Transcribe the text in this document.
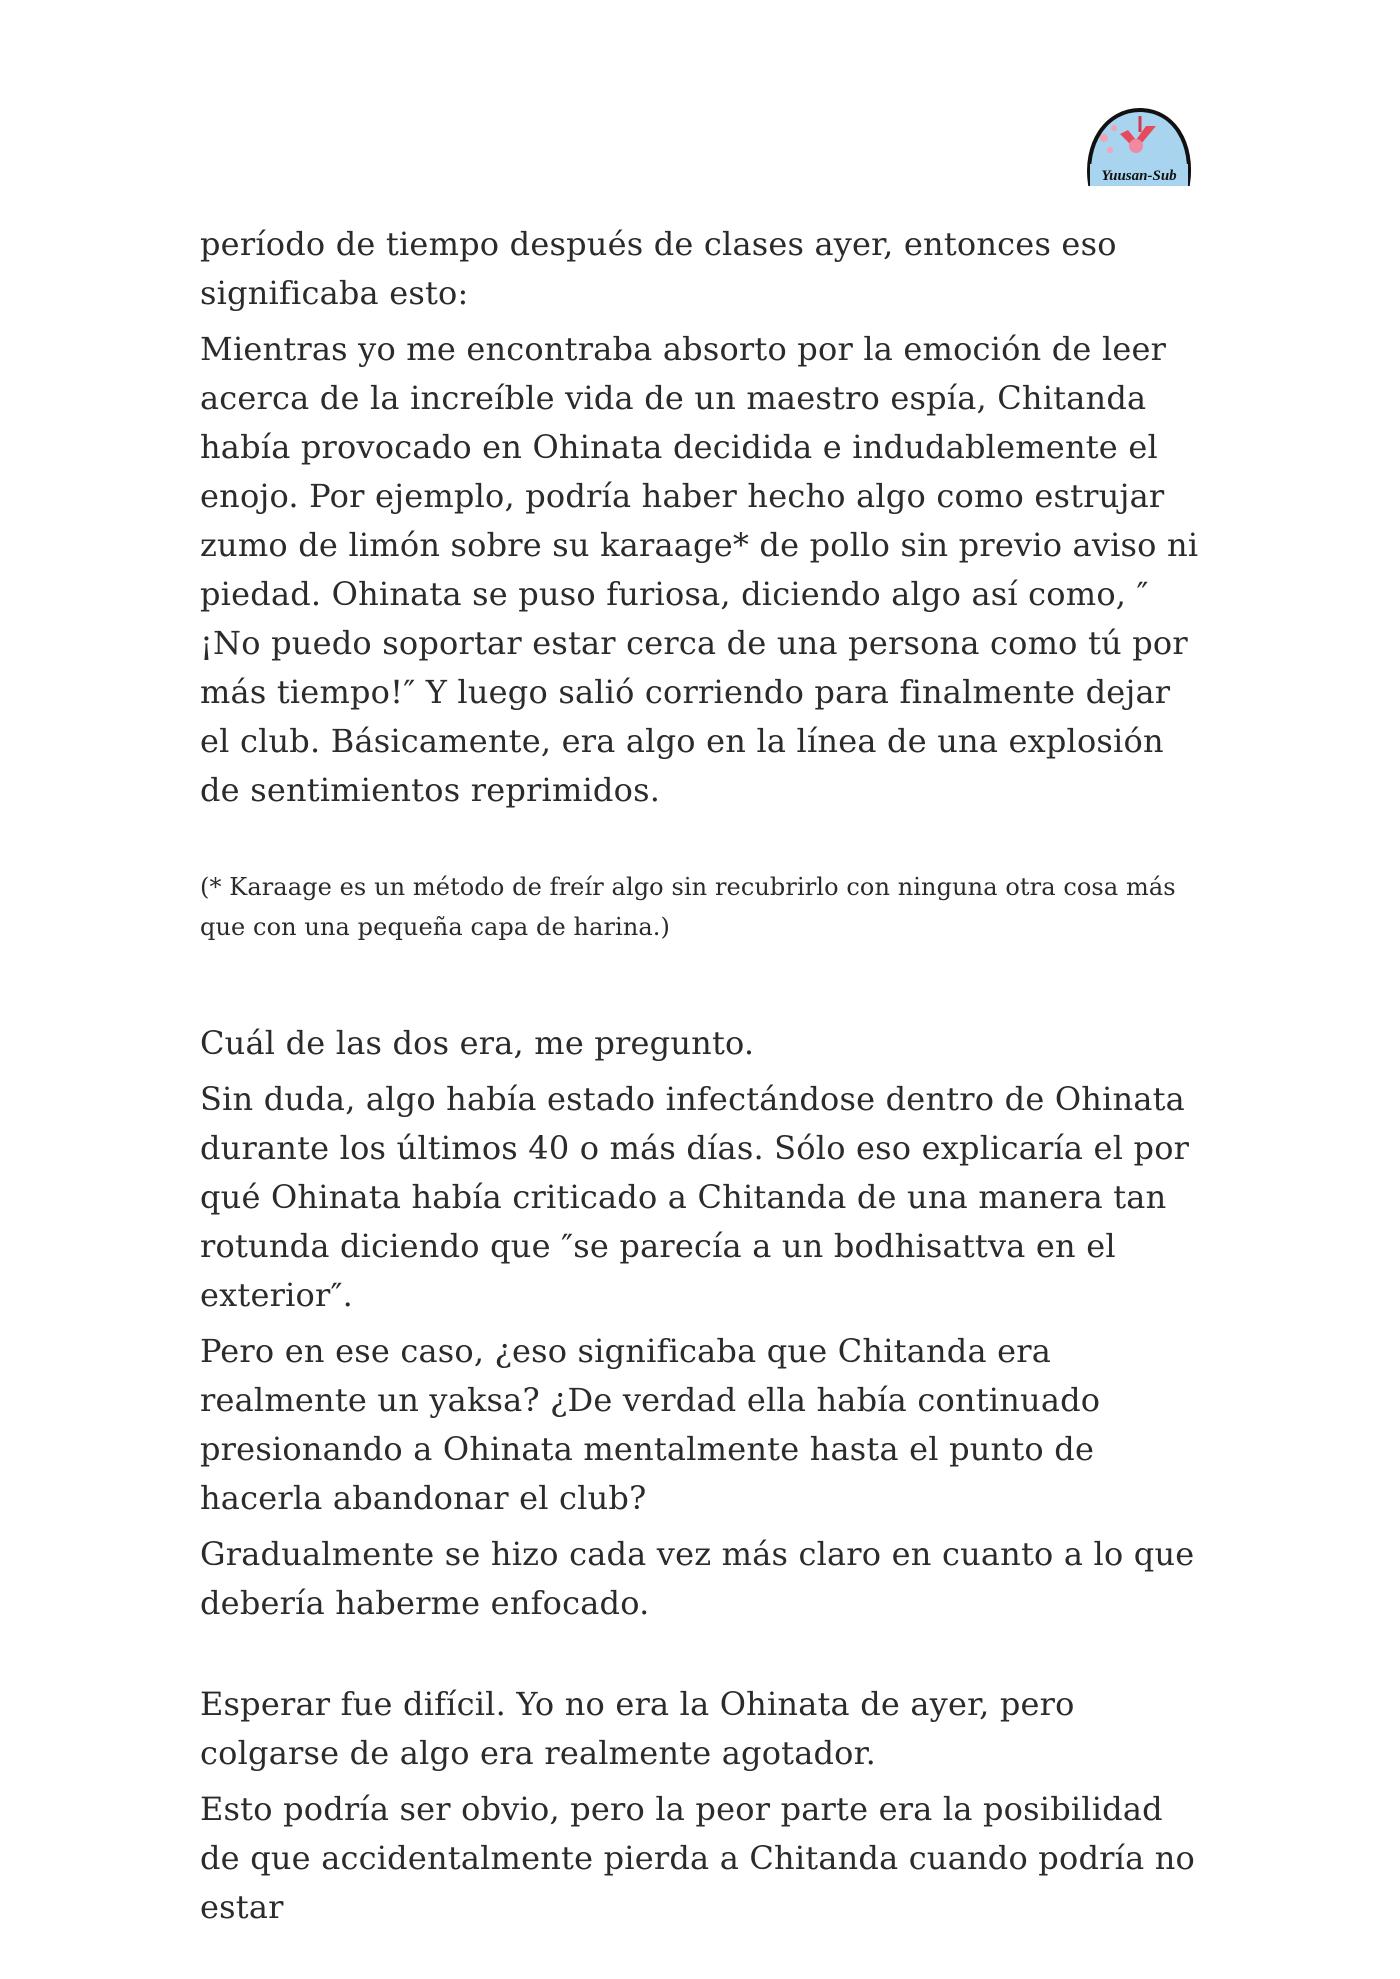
Yuusan-Sub

período de tiempo después de clases ayer, entonces eso significaba esto:

Mientras yo me encontraba absorto por la emoción de leer acerca de la increíble vida de un maestro espía, Chitanda había provocado en Ohinata decidida e indudablemente el enojo. Por ejemplo, podría haber hecho algo como estrujar zumo de limón sobre su karaage* de pollo sin previo aviso ni piedad. Ohinata se puso furiosa, diciendo algo así como, ″¡No puedo soportar estar cerca de una persona como tú por más tiempo!″ Y luego salió corriendo para finalmente dejar el club. Básicamente, era algo en la línea de una explosión de sentimientos reprimidos.

(* Karaage es un método de freír algo sin recubrirlo con ninguna otra cosa más que con una pequeña capa de harina.)

Cuál de las dos era, me pregunto.

Sin duda, algo había estado infectándose dentro de Ohinata durante los últimos 40 o más días. Sólo eso explicaría el por qué Ohinata había criticado a Chitanda de una manera tan rotunda diciendo que ″se parecía a un bodhisattva en el exterior″.

Pero en ese caso, ¿eso significaba que Chitanda era realmente un yaksa? ¿De verdad ella había continuado presionando a Ohinata mentalmente hasta el punto de hacerla abandonar el club?

Gradualmente se hizo cada vez más claro en cuanto a lo que debería haberme enfocado.

Esperar fue difícil. Yo no era la Ohinata de ayer, pero colgarse de algo era realmente agotador.

Esto podría ser obvio, pero la peor parte era la posibilidad de que accidentalmente pierda a Chitanda cuando podría no estar
